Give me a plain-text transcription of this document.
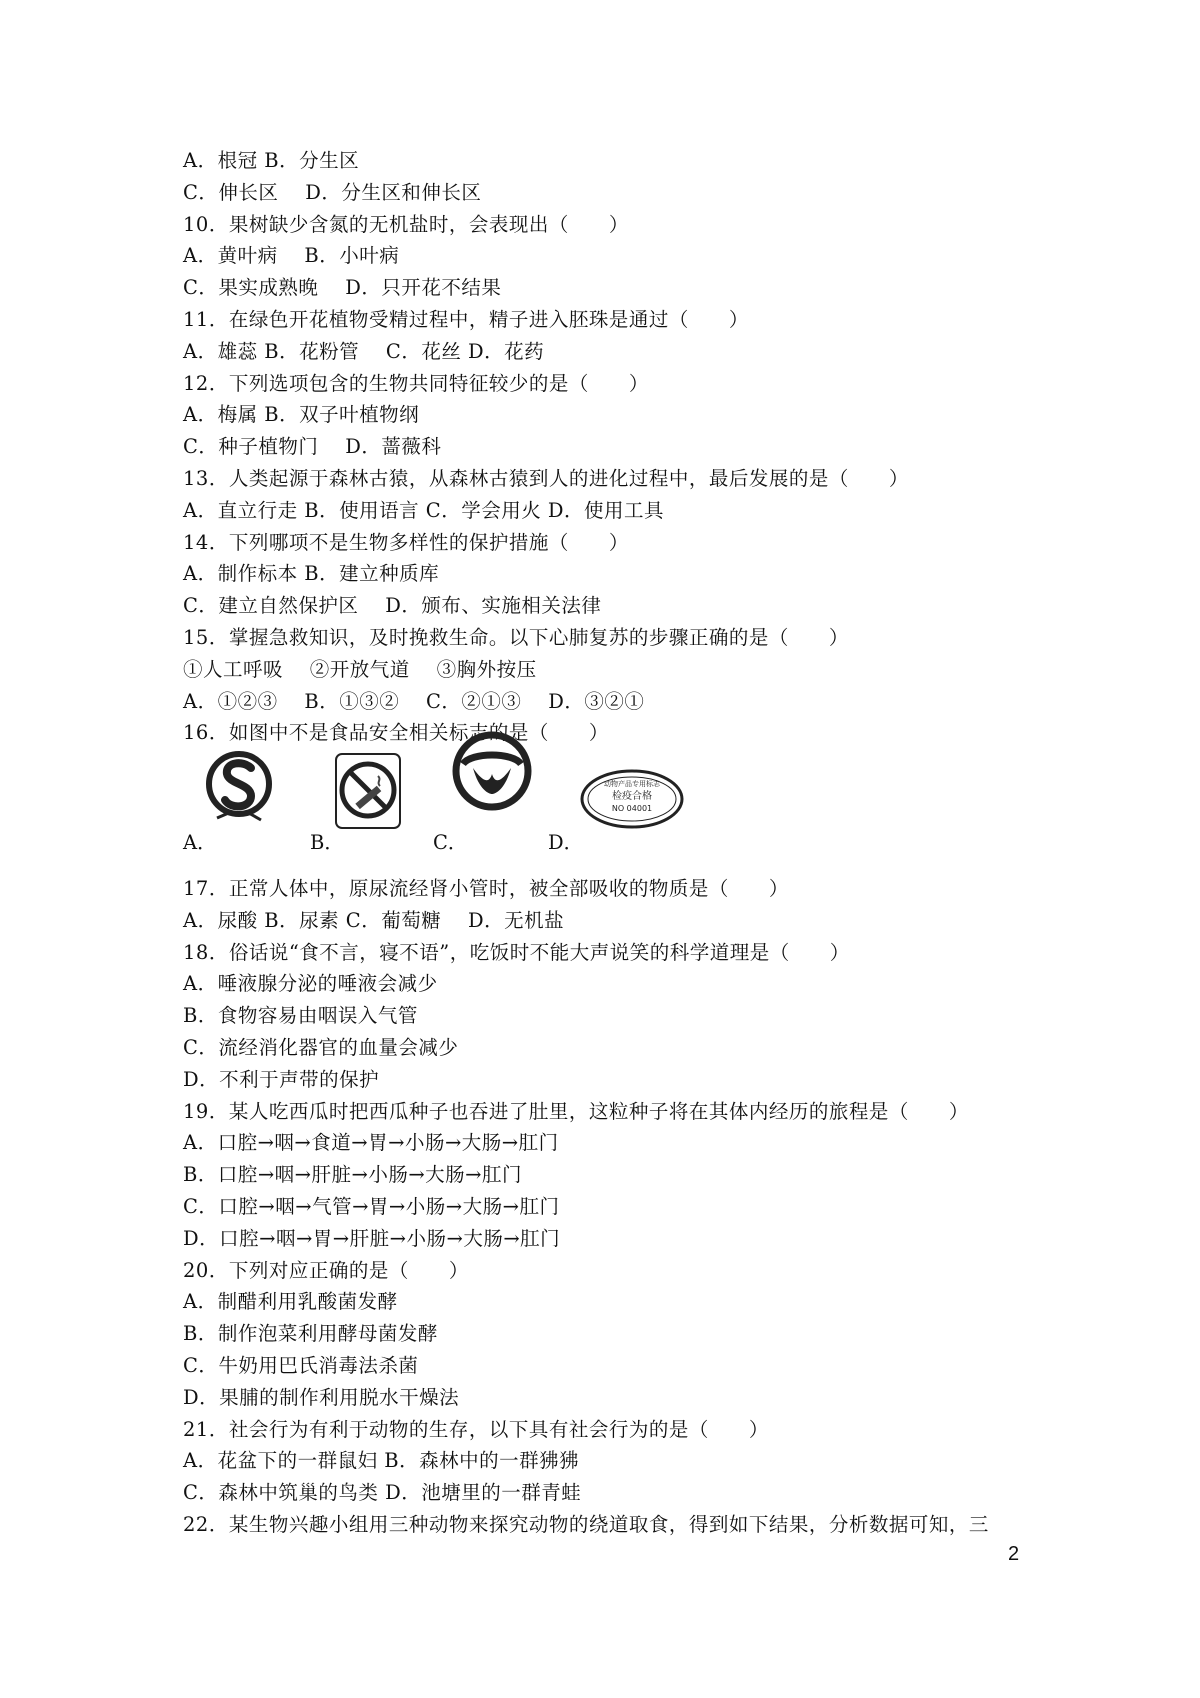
A．根冠 B．分生区
C．伸长区    D．分生区和伸长区
10．果树缺少含氮的无机盐时，会表现出（　　）
A．黄叶病    B．小叶病
C．果实成熟晚    D．只开花不结果
11．在绿色开花植物受精过程中，精子进入胚珠是通过（　　）
A．雄蕊 B．花粉管    C．花丝 D．花药
12．下列选项包含的生物共同特征较少的是（　　）
A．梅属 B．双子叶植物纲
C．种子植物门    D．蔷薇科
13．人类起源于森林古猿，从森林古猿到人的进化过程中，最后发展的是（　　）
A．直立行走 B．使用语言 C．学会用火 D．使用工具
14．下列哪项不是生物多样性的保护措施（　　）
A．制作标本 B．建立种质库
C．建立自然保护区    D．颁布、实施相关法律
15．掌握急救知识，及时挽救生命。以下心肺复苏的步骤正确的是（　　）
①人工呼吸    ②开放气道    ③胸外按压
A．①②③    B．①③②    C．②①③    D．③②①
16．如图中不是食品安全相关标志的是（　　）
A．	B．	C．	D．
动物产品专用标志
检疫合格
NO 04001
17．正常人体中，原尿流经肾小管时，被全部吸收的物质是（　　）
A．尿酸 B．尿素 C．葡萄糖    D．无机盐
18．俗话说“食不言，寝不语”，吃饭时不能大声说笑的科学道理是（　　）
A．唾液腺分泌的唾液会减少
B．食物容易由咽误入气管
C．流经消化器官的血量会减少
D．不利于声带的保护
19．某人吃西瓜时把西瓜种子也吞进了肚里，这粒种子将在其体内经历的旅程是（　　）
A．口腔→咽→食道→胃→小肠→大肠→肛门
B．口腔→咽→肝脏→小肠→大肠→肛门
C．口腔→咽→气管→胃→小肠→大肠→肛门
D．口腔→咽→胃→肝脏→小肠→大肠→肛门
20．下列对应正确的是（　　）
A．制醋利用乳酸菌发酵
B．制作泡菜利用酵母菌发酵
C．牛奶用巴氏消毒法杀菌
D．果脯的制作利用脱水干燥法
21．社会行为有利于动物的生存，以下具有社会行为的是（　　）
A．花盆下的一群鼠妇 B．森林中的一群狒狒
C．森林中筑巢的鸟类 D．池塘里的一群青蛙
22．某生物兴趣小组用三种动物来探究动物的绕道取食，得到如下结果，分析数据可知，三
2
